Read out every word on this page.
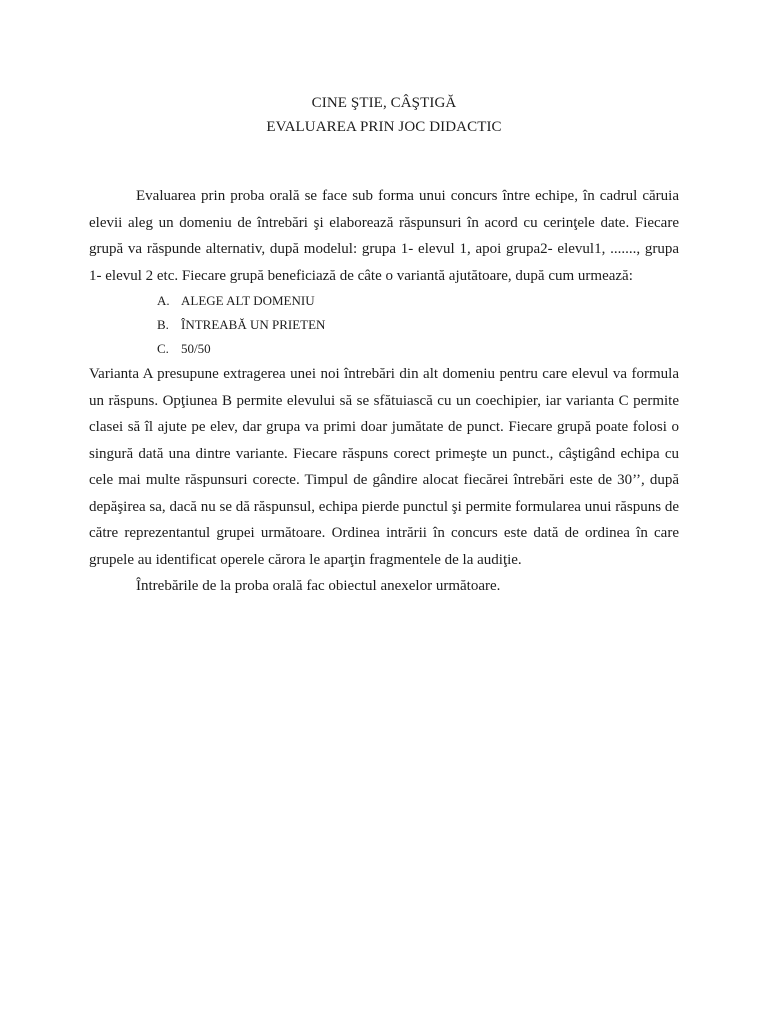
CINE ŞTIE, CÂŞTIGĂ

EVALUAREA PRIN JOC DIDACTIC

Evaluarea prin proba orală se face sub forma unui concurs între echipe, în cadrul căruia elevii aleg un domeniu de întrebări şi elaborează răspunsuri în acord cu cerinţele date. Fiecare grupă va răspunde alternativ, după modelul: grupa 1- elevul 1, apoi grupa2- elevul1, ......., grupa 1- elevul 2 etc. Fiecare grupă beneficiază de câte o variantă ajutătoare, după cum urmează:

A. ALEGE ALT DOMENIU
B. ÎNTREABĂ UN PRIETEN
C. 50/50

Varianta A presupune extragerea unei noi întrebări din alt domeniu pentru care elevul va formula un răspuns. Opţiunea B permite elevului să se sfătuiască cu un coechipier, iar varianta C permite clasei să îl ajute pe elev, dar grupa va primi doar jumătate de punct. Fiecare grupă poate folosi o singură dată una dintre variante. Fiecare răspuns corect primeşte un punct., câştigând echipa cu cele mai multe răspunsuri corecte. Timpul de gândire alocat fiecărei întrebări este de 30’’, după depăşirea sa, dacă nu se dă răspunsul, echipa pierde punctul şi permite formularea unui răspuns de către reprezentantul grupei următoare. Ordinea intrării în concurs este dată de ordinea în care grupele au identificat operele cărora le aparţin fragmentele de la audiţie.

Întrebările de la proba orală fac obiectul anexelor următoare.
